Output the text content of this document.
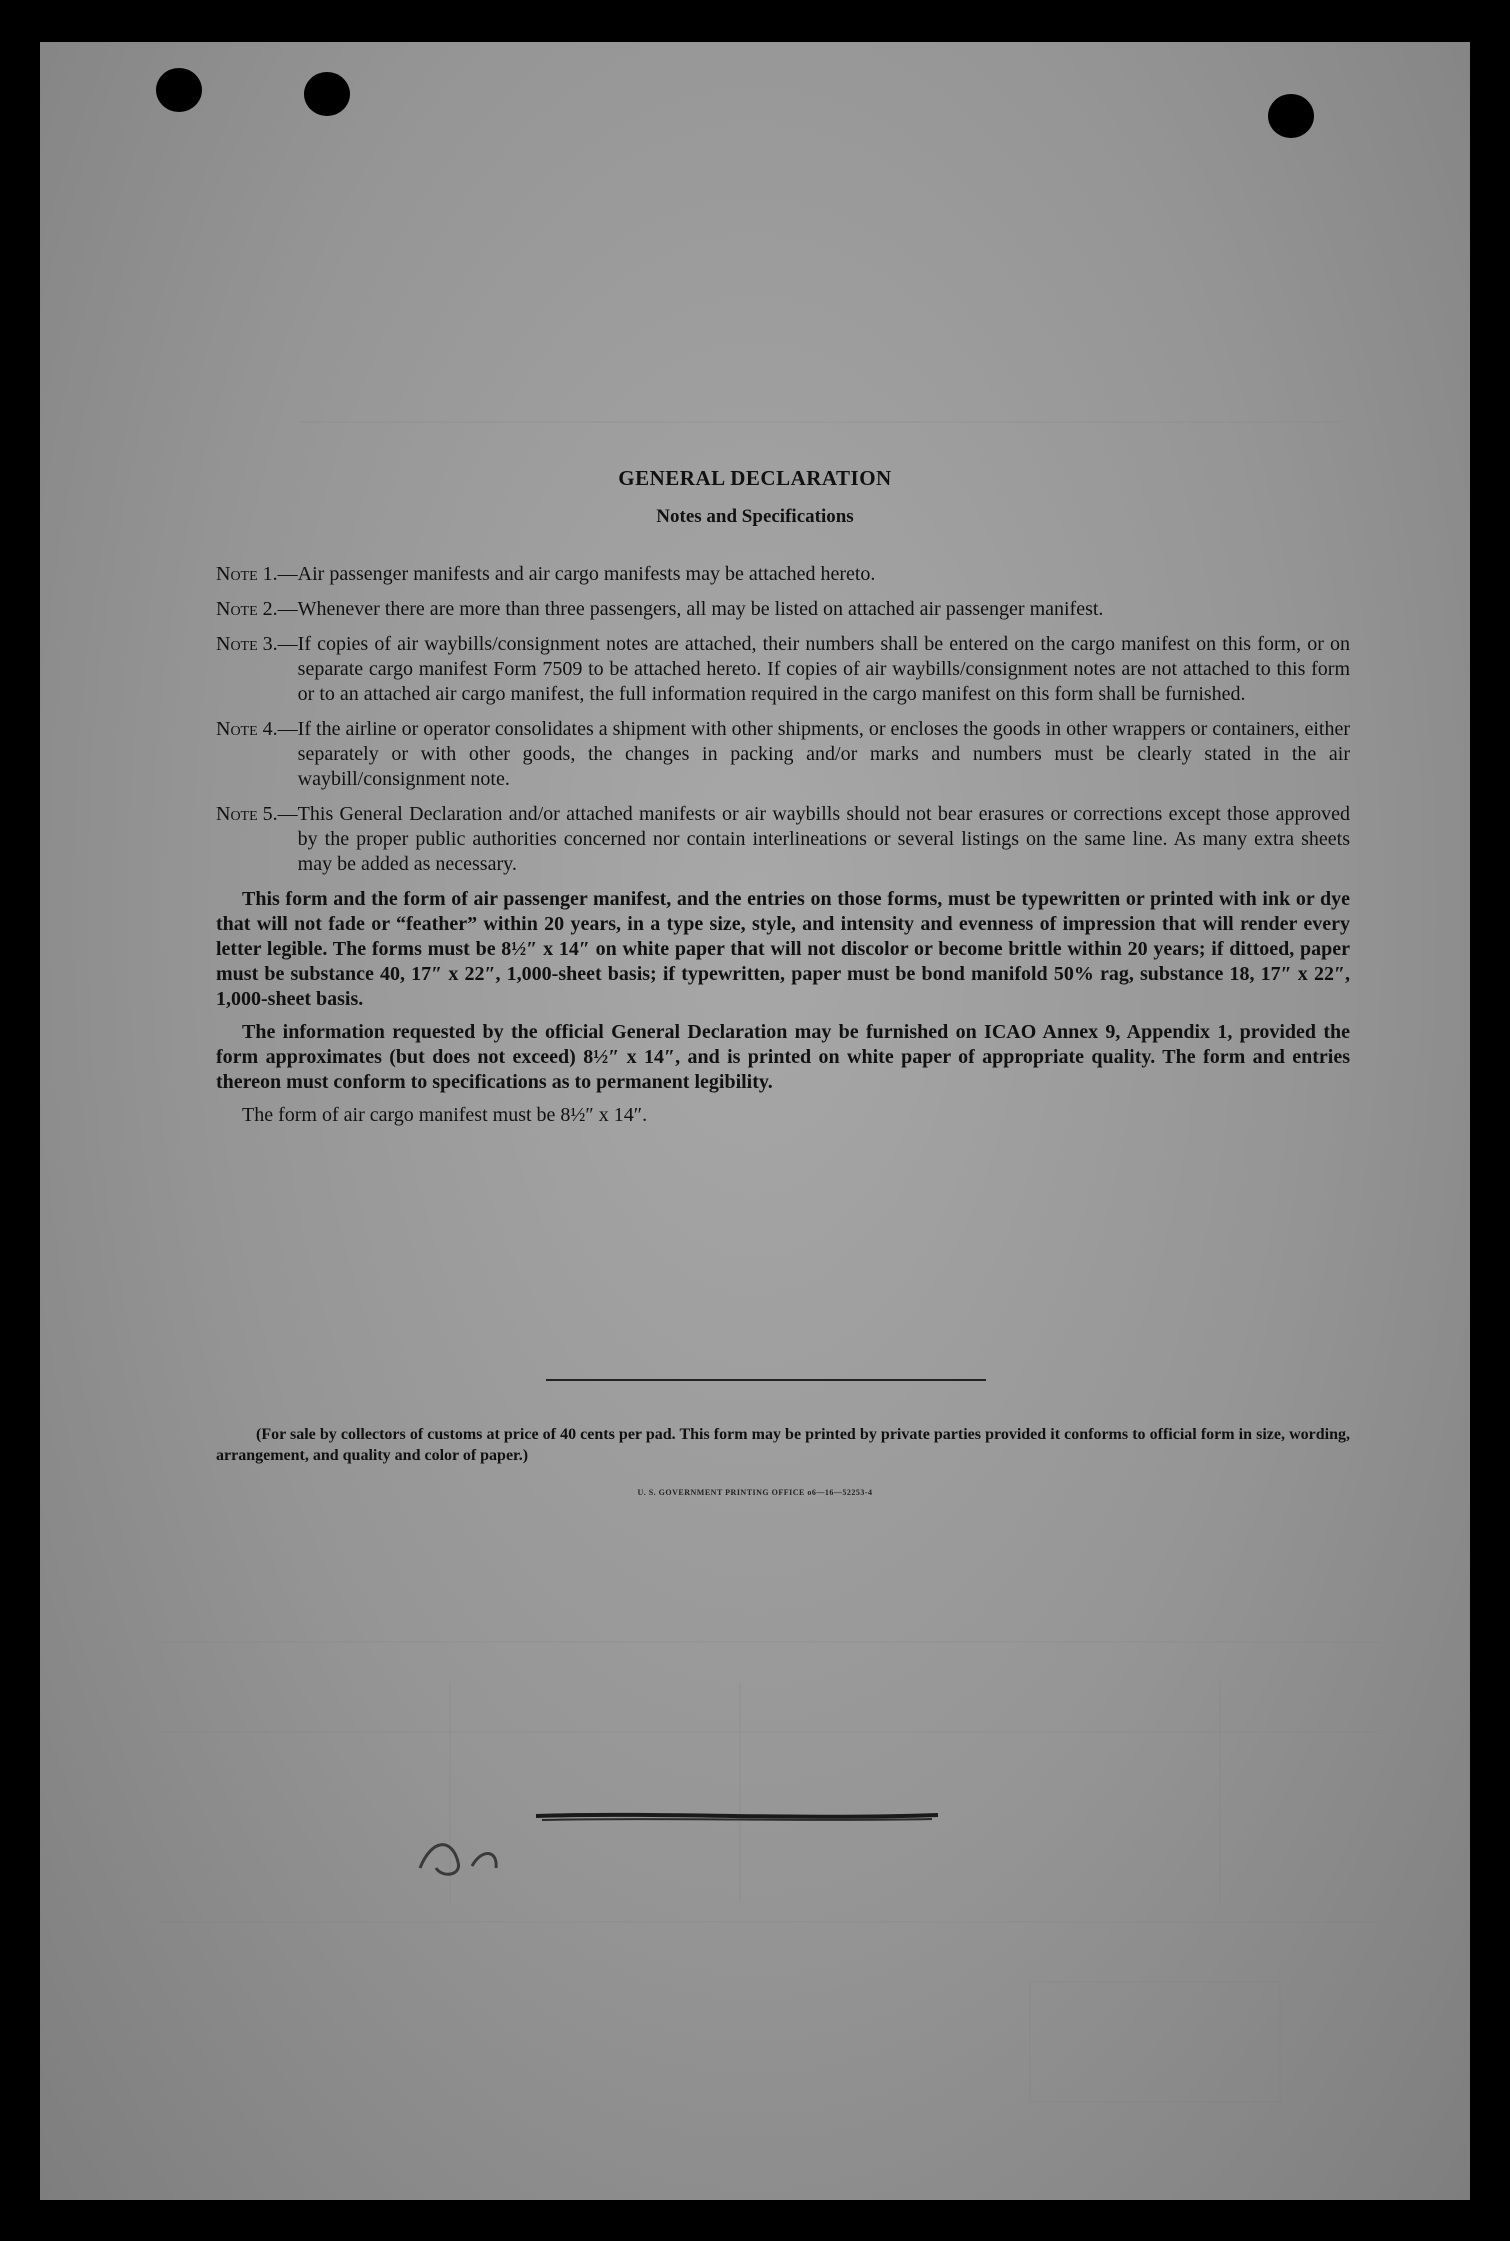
GENERAL DECLARATION
Notes and Specifications
Note 1. — Air passenger manifests and air cargo manifests may be attached hereto.
Note 2. — Whenever there are more than three passengers, all may be listed on attached air passenger manifest.
Note 3. — If copies of air waybills/consignment notes are attached, their numbers shall be entered on the cargo manifest on this form, or on separate cargo manifest Form 7509 to be attached hereto. If copies of air waybills/consignment notes are not attached to this form or to an attached air cargo manifest, the full information required in the cargo manifest on this form shall be furnished.
Note 4. — If the airline or operator consolidates a shipment with other shipments, or encloses the goods in other wrappers or containers, either separately or with other goods, the changes in packing and/or marks and numbers must be clearly stated in the air waybill/consignment note.
Note 5. — This General Declaration and/or attached manifests or air waybills should not bear erasures or corrections except those approved by the proper public authorities concerned nor contain interlineations or several listings on the same line. As many extra sheets may be added as necessary.

This form and the form of air passenger manifest, and the entries on those forms, must be typewritten or printed with ink or dye that will not fade or “feather” within 20 years, in a type size, style, and intensity and evenness of impression that will render every letter legible. The forms must be 8½″ x 14″ on white paper that will not discolor or become brittle within 20 years; if dittoed, paper must be substance 40, 17″ x 22″, 1,000-sheet basis; if typewritten, paper must be bond manifold 50% rag, substance 18, 17″ x 22″, 1,000-sheet basis.

The information requested by the official General Declaration may be furnished on ICAO Annex 9, Appendix 1, provided the form approximates (but does not exceed) 8½″ x 14″, and is printed on white paper of appropriate quality. The form and entries thereon must conform to specifications as to permanent legibility.

The form of air cargo manifest must be 8½″ x 14″.

(For sale by collectors of customs at price of 40 cents per pad. This form may be printed by private parties provided it conforms to official form in size, wording, arrangement, and quality and color of paper.)
U. S. GOVERNMENT PRINTING OFFICE o6—16—52253-4
